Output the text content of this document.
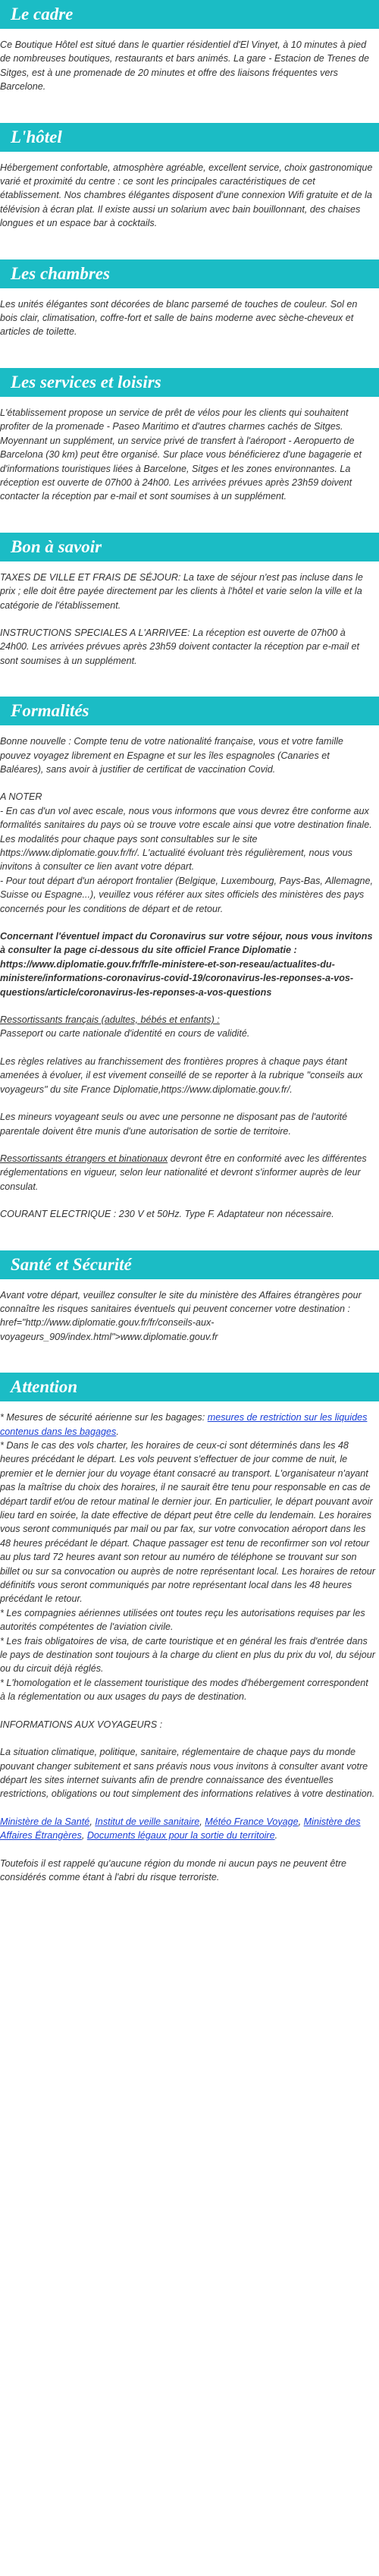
Le cadre

Ce Boutique Hôtel est situé dans le quartier résidentiel d'El Vinyet, à 10 minutes à pied de nombreuses boutiques, restaurants et bars animés. La gare - Estacion de Trenes de Sitges, est à une promenade de 20 minutes et offre des liaisons fréquentes vers Barcelone.

L'hôtel

Hébergement confortable, atmosphère agréable, excellent service, choix gastronomique varié et proximité du centre : ce sont les principales caractéristiques de cet établissement. Nos chambres élégantes disposent d'une connexion Wifi gratuite et de la télévision à écran plat. Il existe aussi un solarium avec bain bouillonnant, des chaises longues et un espace bar à cocktails.

Les chambres

Les unités élégantes sont décorées de blanc parsemé de touches de couleur. Sol en bois clair, climatisation, coffre-fort et salle de bains moderne avec sèche-cheveux et articles de toilette.

Les services et loisirs

L'établissement propose un service de prêt de vélos pour les clients qui souhaitent profiter de la promenade - Paseo Maritimo et d'autres charmes cachés de Sitges. Moyennant un supplément, un service privé de transfert à l'aéroport - Aeropuerto de Barcelona (30 km) peut être organisé. Sur place vous bénéficierez d'une bagagerie et d'informations touristiques liées à Barcelone, Sitges et les zones environnantes. La réception est ouverte de 07h00 à 24h00. Les arrivées prévues après 23h59 doivent contacter la réception par e-mail et sont soumises à un supplément.

Bon à savoir

TAXES DE VILLE ET FRAIS DE SÉJOUR: La taxe de séjour n'est pas incluse dans le prix ; elle doit être payée directement par les clients à l'hôtel et varie selon la ville et la catégorie de l'établissement.

INSTRUCTIONS SPECIALES A L'ARRIVEE: La réception est ouverte de 07h00 à 24h00. Les arrivées prévues après 23h59 doivent contacter la réception par e-mail et sont soumises à un supplément.

Formalités

Bonne nouvelle : Compte tenu de votre nationalité française, vous et votre famille pouvez voyagez librement en Espagne et sur les îles espagnoles (Canaries et Baléares), sans avoir à justifier de certificat de vaccination Covid.

A NOTER
- En cas d'un vol avec escale, nous vous informons que vous devrez être conforme aux formalités sanitaires du pays où se trouve votre escale ainsi que votre destination finale.
Les modalités pour chaque pays sont consultables sur le site https://www.diplomatie.gouv.fr/fr/. L'actualité évoluant très régulièrement, nous vous invitons à consulter ce lien avant votre départ.
- Pour tout départ d'un aéroport frontalier (Belgique, Luxembourg, Pays-Bas, Allemagne, Suisse ou Espagne...), veuillez vous référer aux sites officiels des ministères des pays concernés pour les conditions de départ et de retour.

Concernant l'éventuel impact du Coronavirus sur votre séjour, nous vous invitons à consulter la page ci-dessous du site officiel France Diplomatie : https://www.diplomatie.gouv.fr/fr/le-ministere-et-son-reseau/actualites-du-ministere/informations-coronavirus-covid-19/coronavirus-les-reponses-a-vos-questions/article/coronavirus-les-reponses-a-vos-questions

Ressortissants français (adultes, bébés et enfants) :
Passeport ou carte nationale d'identité en cours de validité.

Les règles relatives au franchissement des frontières propres à chaque pays étant amenées à évoluer, il est vivement conseillé de se reporter à la rubrique "conseils aux voyageurs" du site France Diplomatie,https://www.diplomatie.gouv.fr/.

Les mineurs voyageant seuls ou avec une personne ne disposant pas de l'autorité parentale doivent être munis d'une autorisation de sortie de territoire.

Ressortissants étrangers et binationaux devront être en conformité avec les différentes réglementations en vigueur, selon leur nationalité et devront s'informer auprès de leur consulat.

COURANT ELECTRIQUE : 230 V et 50Hz. Type F. Adaptateur non nécessaire.

Santé et Sécurité

Avant votre départ, veuillez consulter le site du ministère des Affaires étrangères pour connaître les risques sanitaires éventuels qui peuvent concerner votre destination : href="http://www.diplomatie.gouv.fr/fr/conseils-aux-voyageurs_909/index.html">www.diplomatie.gouv.fr

Attention

* Mesures de sécurité aérienne sur les bagages: mesures de restriction sur les liquides contenus dans les bagages.
* Dans le cas des vols charter, les horaires de ceux-ci sont déterminés dans les 48 heures précédant le départ. Les vols peuvent s'effectuer de jour comme de nuit, le premier et le dernier jour du voyage étant consacré au transport. L'organisateur n'ayant pas la maîtrise du choix des horaires, il ne saurait être tenu pour responsable en cas de départ tardif et/ou de retour matinal le dernier jour. En particulier, le départ pouvant avoir lieu tard en soirée, la date effective de départ peut être celle du lendemain. Les horaires vous seront communiqués par mail ou par fax, sur votre convocation aéroport dans les 48 heures précédant le départ. Chaque passager est tenu de reconfirmer son vol retour au plus tard 72 heures avant son retour au numéro de téléphone se trouvant sur son billet ou sur sa convocation ou auprès de notre représentant local. Les horaires de retour définitifs vous seront communiqués par notre représentant local dans les 48 heures précédant le retour.
* Les compagnies aériennes utilisées ont toutes reçu les autorisations requises par les autorités compétentes de l'aviation civile.
* Les frais obligatoires de visa, de carte touristique et en général les frais d'entrée dans le pays de destination sont toujours à la charge du client en plus du prix du vol, du séjour ou du circuit déjà réglés.
* L'homologation et le classement touristique des modes d'hébergement correspondent à la réglementation ou aux usages du pays de destination.

INFORMATIONS AUX VOYAGEURS :

La situation climatique, politique, sanitaire, réglementaire de chaque pays du monde pouvant changer subitement et sans préavis nous vous invitons à consulter avant votre départ les sites internet suivants afin de prendre connaissance des éventuelles restrictions, obligations ou tout simplement des informations relatives à votre destination.

Ministère de la Santé, Institut de veille sanitaire, Météo France Voyage, Ministère des Affaires Étrangères, Documents légaux pour la sortie du territoire.

Toutefois il est rappelé qu'aucune région du monde ni aucun pays ne peuvent être considérés comme étant à l'abri du risque terroriste.
